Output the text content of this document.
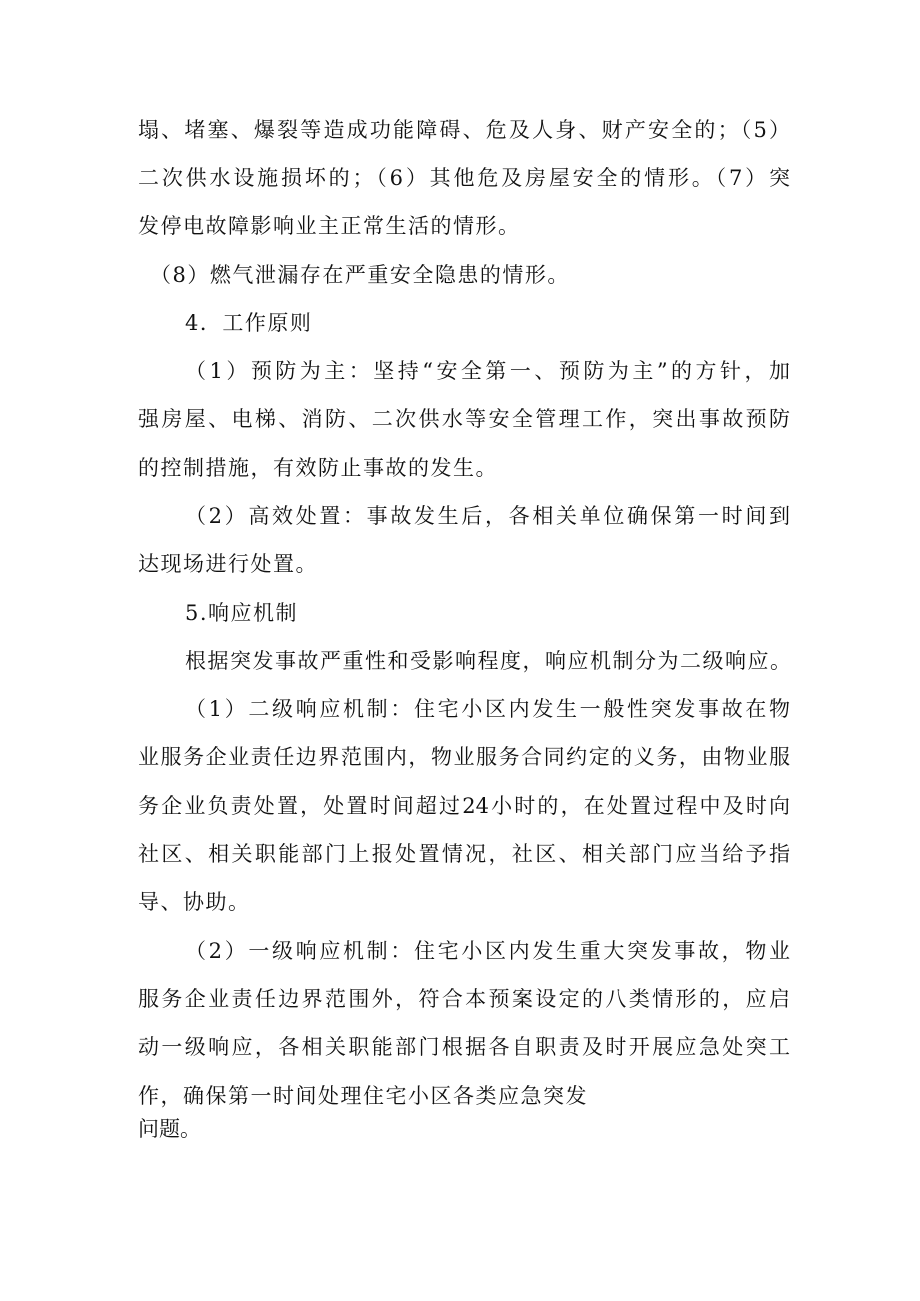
塌、堵塞、爆裂等造成功能障碍、危及人身、财产安全的；（5）
二次供水设施损坏的；（6）其他危及房屋安全的情形。（7）突
发停电故障影响业主正常生活的情形。
（8）燃气泄漏存在严重安全隐患的情形。
4．工作原则
（1）预防为主：坚持“安全第一、预防为主”的方针，加
强房屋、电梯、消防、二次供水等安全管理工作，突出事故预防
的控制措施，有效防止事故的发生。
（2）高效处置：事故发生后，各相关单位确保第一时间到
达现场进行处置。
5.响应机制
根据突发事故严重性和受影响程度，响应机制分为二级响应。
（1）二级响应机制：住宅小区内发生一般性突发事故在物
业服务企业责任边界范围内，物业服务合同约定的义务，由物业服
务企业负责处置，处置时间超过24小时的，在处置过程中及时向
社区、相关职能部门上报处置情况，社区、相关部门应当给予指
导、协助。
（2）一级响应机制：住宅小区内发生重大突发事故，物业
服务企业责任边界范围外，符合本预案设定的八类情形的，应启
动一级响应，各相关职能部门根据各自职责及时开展应急处突工
作，确保第一时间处理住宅小区各类应急突发
问题。
